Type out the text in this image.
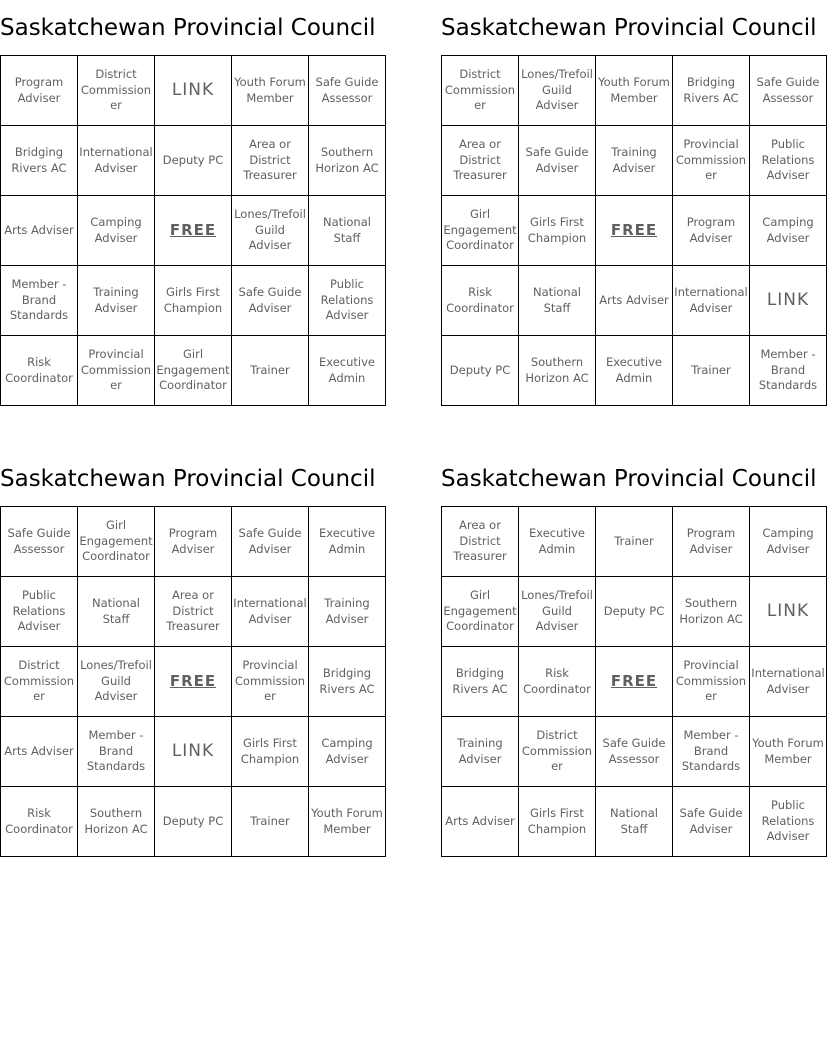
Saskatchewan Provincial Council
Program Adviser	District Commissioner	LINK	Youth Forum Member	Safe Guide Assessor
Bridging Rivers AC	International Adviser	Deputy PC	Area or District Treasurer	Southern Horizon AC
Arts Adviser	Camping Adviser	FREE	Lones/Trefoil Guild Adviser	National Staff
Member - Brand Standards	Training Adviser	Girls First Champion	Safe Guide Adviser	Public Relations Adviser
Risk Coordinator	Provincial Commissioner	Girl Engagement Coordinator	Trainer	Executive Admin
Saskatchewan Provincial Council
District Commissioner	Lones/Trefoil Guild Adviser	Youth Forum Member	Bridging Rivers AC	Safe Guide Assessor
Area or District Treasurer	Safe Guide Adviser	Training Adviser	Provincial Commissioner	Public Relations Adviser
Girl Engagement Coordinator	Girls First Champion	FREE	Program Adviser	Camping Adviser
Risk Coordinator	National Staff	Arts Adviser	International Adviser	LINK
Deputy PC	Southern Horizon AC	Executive Admin	Trainer	Member - Brand Standards
Saskatchewan Provincial Council
Safe Guide Assessor	Girl Engagement Coordinator	Program Adviser	Safe Guide Adviser	Executive Admin
Public Relations Adviser	National Staff	Area or District Treasurer	International Adviser	Training Adviser
District Commissioner	Lones/Trefoil Guild Adviser	FREE	Provincial Commissioner	Bridging Rivers AC
Arts Adviser	Member - Brand Standards	LINK	Girls First Champion	Camping Adviser
Risk Coordinator	Southern Horizon AC	Deputy PC	Trainer	Youth Forum Member
Saskatchewan Provincial Council
Area or District Treasurer	Executive Admin	Trainer	Program Adviser	Camping Adviser
Girl Engagement Coordinator	Lones/Trefoil Guild Adviser	Deputy PC	Southern Horizon AC	LINK
Bridging Rivers AC	Risk Coordinator	FREE	Provincial Commissioner	International Adviser
Training Adviser	District Commissioner	Safe Guide Assessor	Member - Brand Standards	Youth Forum Member
Arts Adviser	Girls First Champion	National Staff	Safe Guide Adviser	Public Relations Adviser
